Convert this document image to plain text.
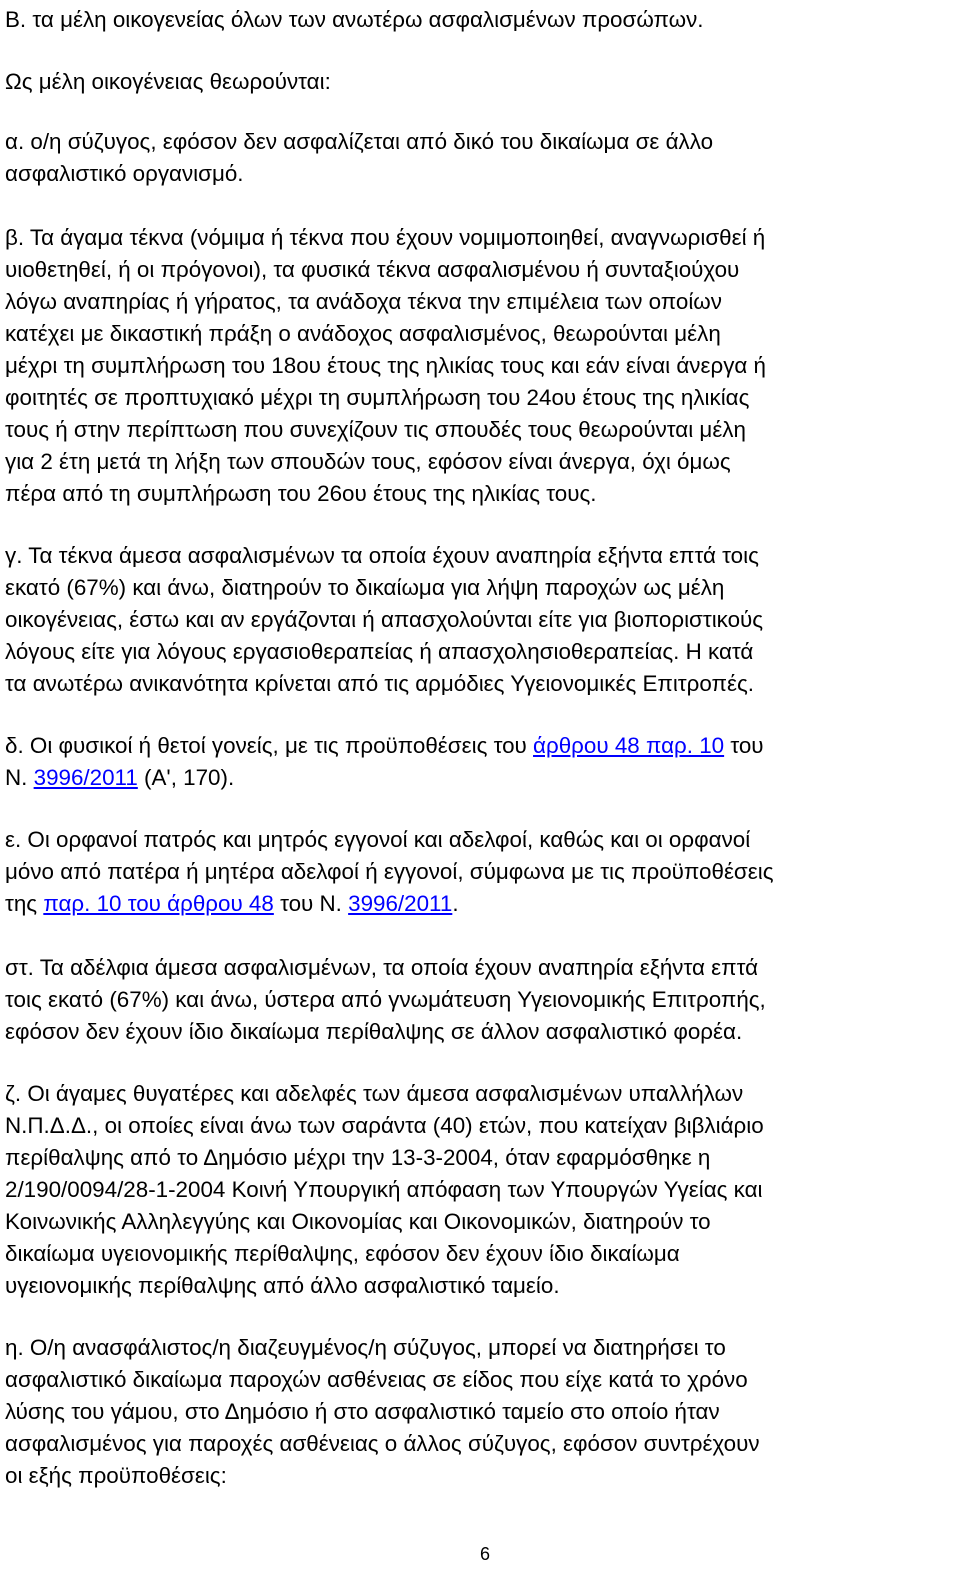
Β. τα μέλη οικογενείας όλων των ανωτέρω ασφαλισμένων προσώπων.
Ως μέλη οικογένειας θεωρούνται:
α. ο/η σύζυγος, εφόσον δεν ασφαλίζεται από δικό του δικαίωμα σε άλλο
ασφαλιστικό οργανισμό.
β. Τα άγαμα τέκνα (νόμιμα ή τέκνα που έχουν νομιμοποιηθεί, αναγνωρισθεί ή
υιοθετηθεί, ή οι πρόγονοι), τα φυσικά τέκνα ασφαλισμένου ή συνταξιούχου
λόγω αναπηρίας ή γήρατος, τα ανάδοχα τέκνα την επιμέλεια των οποίων
κατέχει με δικαστική πράξη ο ανάδοχος ασφαλισμένος, θεωρούνται μέλη
μέχρι τη συμπλήρωση του 18ου έτους της ηλικίας τους και εάν είναι άνεργα ή
φοιτητές σε προπτυχιακό μέχρι τη συμπλήρωση του 24ου έτους της ηλικίας
τους ή στην περίπτωση που συνεχίζουν τις σπουδές τους θεωρούνται μέλη
για 2 έτη μετά τη λήξη των σπουδών τους, εφόσον είναι άνεργα, όχι όμως
πέρα από τη συμπλήρωση του 26ου έτους της ηλικίας τους.
γ. Τα τέκνα άμεσα ασφαλισμένων τα οποία έχουν αναπηρία εξήντα επτά τοις
εκατό (67%) και άνω, διατηρούν το δικαίωμα για λήψη παροχών ως μέλη
οικογένειας, έστω και αν εργάζονται ή απασχολούνται είτε για βιοποριστικούς
λόγους είτε για λόγους εργασιοθεραπείας ή απασχολησιοθεραπείας. Η κατά
τα ανωτέρω ανικανότητα κρίνεται από τις αρμόδιες Υγειονομικές Επιτροπές.
δ. Οι φυσικοί ή θετοί γονείς, με τις προϋποθέσεις του άρθρου 48 παρ. 10 του
Ν. 3996/2011 (Α', 170).
ε. Οι ορφανοί πατρός και μητρός εγγονοί και αδελφοί, καθώς και οι ορφανοί
μόνο από πατέρα ή μητέρα αδελφοί ή εγγονοί, σύμφωνα με τις προϋποθέσεις
της παρ. 10 του άρθρου 48 του Ν. 3996/2011.
στ. Τα αδέλφια άμεσα ασφαλισμένων, τα οποία έχουν αναπηρία εξήντα επτά
τοις εκατό (67%) και άνω, ύστερα από γνωμάτευση Υγειονομικής Επιτροπής,
εφόσον δεν έχουν ίδιο δικαίωμα περίθαλψης σε άλλον ασφαλιστικό φορέα.
ζ. Οι άγαμες θυγατέρες και αδελφές των άμεσα ασφαλισμένων υπαλλήλων
Ν.Π.Δ.Δ., οι οποίες είναι άνω των σαράντα (40) ετών, που κατείχαν βιβλιάριο
περίθαλψης από το Δημόσιο μέχρι την 13-3-2004, όταν εφαρμόσθηκε η
2/190/0094/28-1-2004 Κοινή Υπουργική απόφαση των Υπουργών Υγείας και
Κοινωνικής Αλληλεγγύης και Οικονομίας και Οικονομικών, διατηρούν το
δικαίωμα υγειονομικής περίθαλψης, εφόσον δεν έχουν ίδιο δικαίωμα
υγειονομικής περίθαλψης από άλλο ασφαλιστικό ταμείο.
η. Ο/η ανασφάλιστος/η διαζευγμένος/η σύζυγος, μπορεί να διατηρήσει το
ασφαλιστικό δικαίωμα παροχών ασθένειας σε είδος που είχε κατά το χρόνο
λύσης του γάμου, στο Δημόσιο ή στο ασφαλιστικό ταμείο στο οποίο ήταν
ασφαλισμένος για παροχές ασθένειας ο άλλος σύζυγος, εφόσον συντρέχουν
οι εξής προϋποθέσεις:
6
